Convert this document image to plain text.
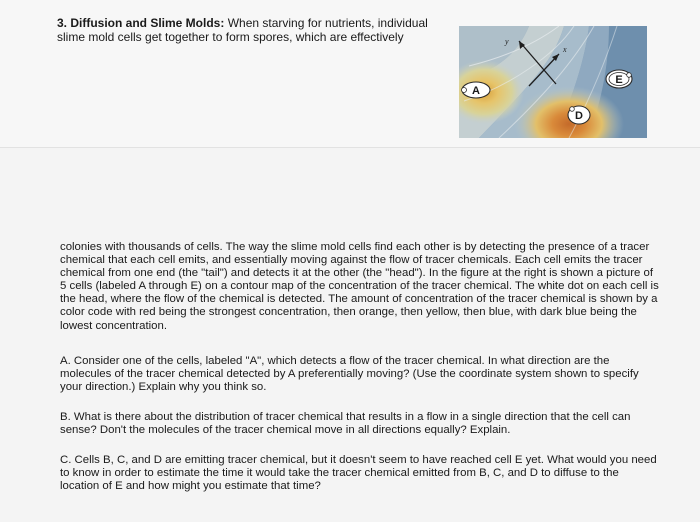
3. Diffusion and Slime Molds: When starving for nutrients, individual slime mold cells get together to form spores, which are effectively
x
y
A
D
E
colonies with thousands of cells. The way the slime mold cells find each other is by detecting the presence of a tracer chemical that each cell emits, and essentially moving against the flow of tracer chemicals. Each cell emits the tracer chemical from one end (the "tail") and detects it at the other (the "head"). In the figure at the right is shown a picture of 5 cells (labeled A through E) on a contour map of the concentration of the tracer chemical. The white dot on each cell is the head, where the flow of the chemical is detected. The amount of concentration of the tracer chemical is shown by a color code with red being the strongest concentration, then orange, then yellow, then blue, with dark blue being the lowest concentration.
A. Consider one of the cells, labeled "A", which detects a flow of the tracer chemical. In what direction are the molecules of the tracer chemical detected by A preferentially moving? (Use the coordinate system shown to specify your direction.) Explain why you think so.
B. What is there about the distribution of tracer chemical that results in a flow in a single direction that the cell can sense? Don't the molecules of the tracer chemical move in all directions equally? Explain.
C. Cells B, C, and D are emitting tracer chemical, but it doesn't seem to have reached cell E yet. What would you need to know in order to estimate the time it would take the tracer chemical emitted from B, C, and D to diffuse to the location of E and how might you estimate that time?
